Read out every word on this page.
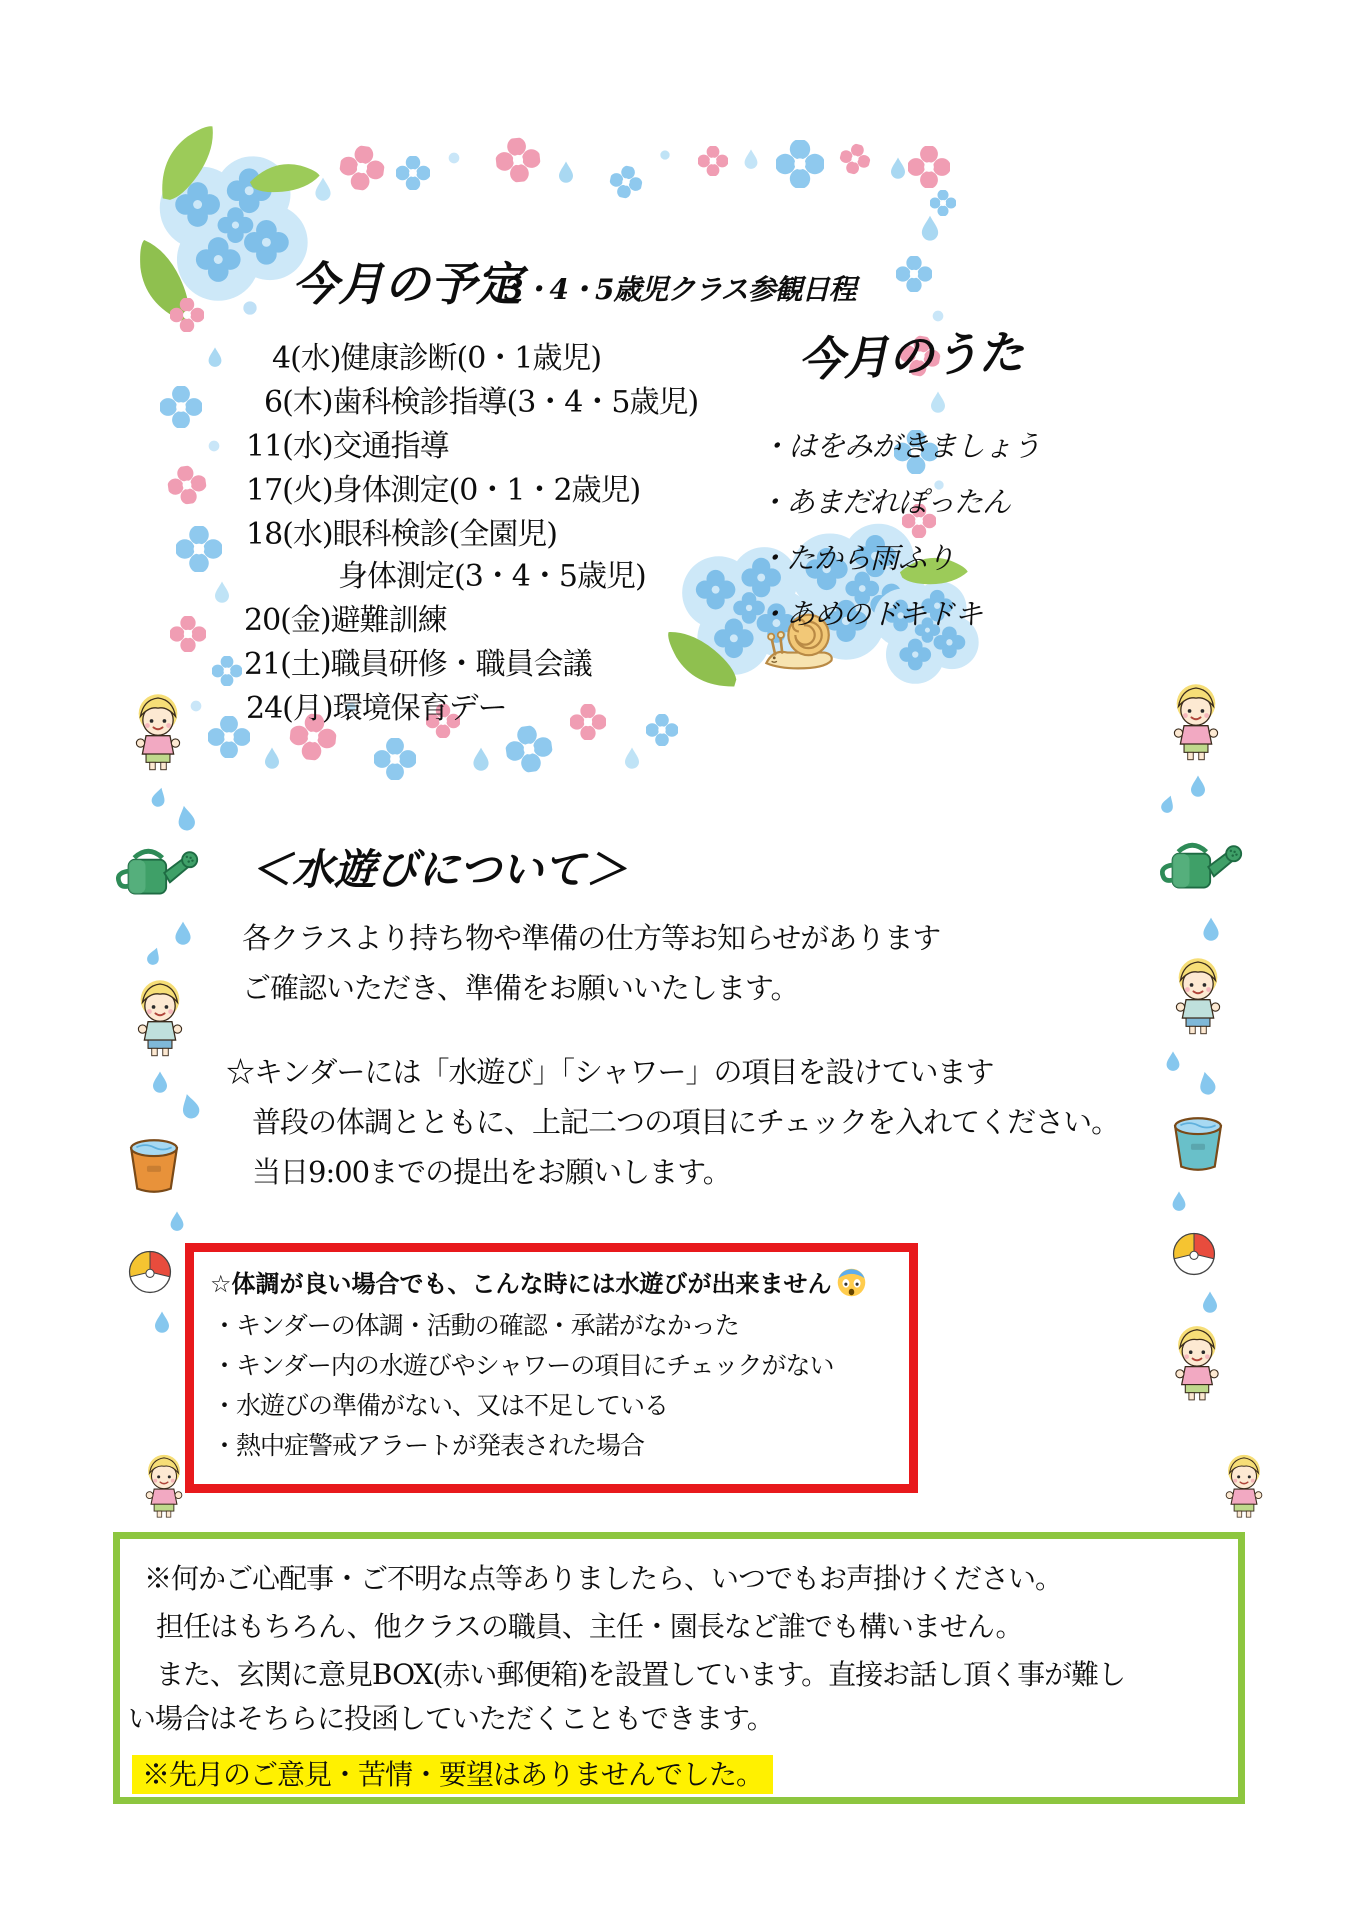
今月の予定
3・4・5歳児クラス参観日程
4(水)健康診断(0・1歳児)
6(木)歯科検診指導(3・4・5歳児)
11(水)交通指導
17(火)身体測定(0・1・2歳児)
18(水)眼科検診(全園児)
身体測定(3・4・5歳児)
20(金)避難訓練
21(土)職員研修・職員会議
24(月)環境保育デー
今月のうた
・はをみがきましょう
・あまだれぽったん
・たから雨ふり
・あめのドキドキ
＜水遊びについて＞
各クラスより持ち物や準備の仕方等お知らせがあります
ご確認いただき、準備をお願いいたします。
☆キンダーには「水遊び」「シャワー」の項目を設けています
普段の体調とともに、上記二つの項目にチェックを入れてください。
当日9:00までの提出をお願いします。
☆体調が良い場合でも、こんな時には水遊びが出来ません
・キンダーの体調・活動の確認・承諾がなかった
・キンダー内の水遊びやシャワーの項目にチェックがない
・水遊びの準備がない、又は不足している
・熱中症警戒アラートが発表された場合
※何かご心配事・ご不明な点等ありましたら、いつでもお声掛けください。
担任はもちろん、他クラスの職員、主任・園長など誰でも構いません。
また、玄関に意見BOX(赤い郵便箱)を設置しています。直接お話し頂く事が難し
い場合はそちらに投函していただくこともできます。
※先月のご意見・苦情・要望はありませんでした。
